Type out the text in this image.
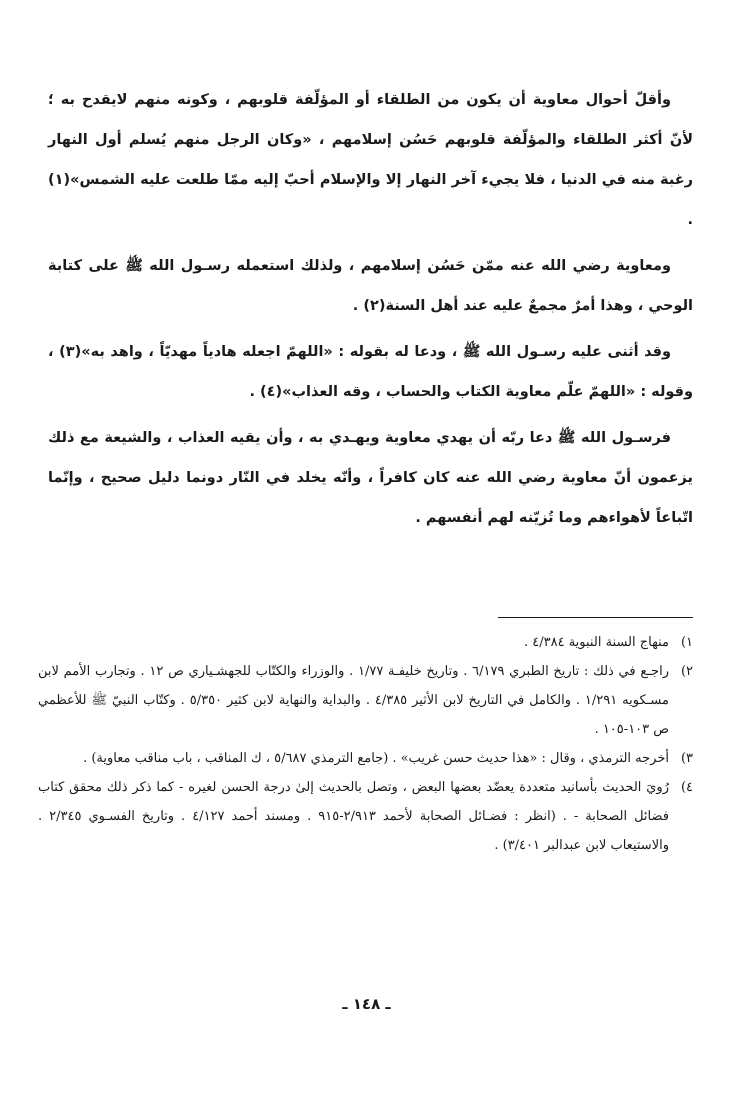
وأقلّ أحوال معاوية أن يكون من الطلقاء أو المؤلّفة قلوبهم ، وكونه منهم لايقدح به ؛ لأنّ أكثر الطلقاء والمؤلّفة قلوبهم حَسُن إسلامهم ، «وكان الرجل منهم يُسلم أول النهار رغبة منه في الدنيا ، فلا يجيء آخر النهار إلا والإسلام أحبّ إليه ممّا طلعت عليه الشمس»(١) .

ومعاوية رضي الله عنه ممّن حَسُن إسلامهم ، ولذلك استعمله رسـول الله ﷺ على كتابة الوحي ، وهذا أمرٌ مجمعٌ عليه عند أهل السنة(٢) .

وقد أثنى عليه رسـول الله ﷺ ، ودعا له بقوله : «اللهمّ اجعله هادياً مهديّاً ، واهد به»(٣) ، وقوله : «اللهمّ علّم معاوية الكتاب والحساب ، وقه العذاب»(٤) .

فرسـول الله ﷺ دعا ربّه أن يهدي معاوية ويهـدي به ، وأن يقيه العذاب ، والشيعة مع ذلك يزعمون أنّ معاوية رضي الله عنه كان كافراً ، وأنّه يخلد في النّار دونما دليل صحيح ، وإنّما اتّباعاً لأهواءهم وما تُزيّنه لهم أنفسهم .

١)
منهاج السنة النبوية ٤/٣٨٤ .

٢)
راجـع في ذلك : تاريخ الطبري ٦/١٧٩ . وتاريخ خليفـة ١/٧٧ . والوزراء والكتّاب للجهشـياري ص ١٢ . وتجارب الأمم لابن مسـكويه ١/٢٩١ . والكامل في التاريخ لابن الأثير ٤/٣٨٥ . والبداية والنهاية لابن كثير ٥/٣٥٠ . وكتّاب النبيّ ﷺ للأعظمي ص ١٠٣-١٠٥ .

٣)
أخرجه الترمذي ، وقال : «هذا حديث حسن غريب» . (جامع الترمذي ٥/٦٨٧ ، ك المناقب ، باب مناقب معاوية) .

٤)
رُويَ الحديث بأسانيد متعددة يعضّد بعضها البعض ، وتصل بالحديث إلىٰ درجة الحسن لغيره - كما ذكر ذلك محقق كتاب فضائل الصحابة - . (انظر : فضـائل الصحابة لأحمد ٢/٩١٣-٩١٥ . ومسند أحمد ٤/١٢٧ . وتاريخ الفسـوي ٢/٣٤٥ . والاستيعاب لابن عبدالبر ٣/٤٠١) .

ـ ١٤٨ ـ
